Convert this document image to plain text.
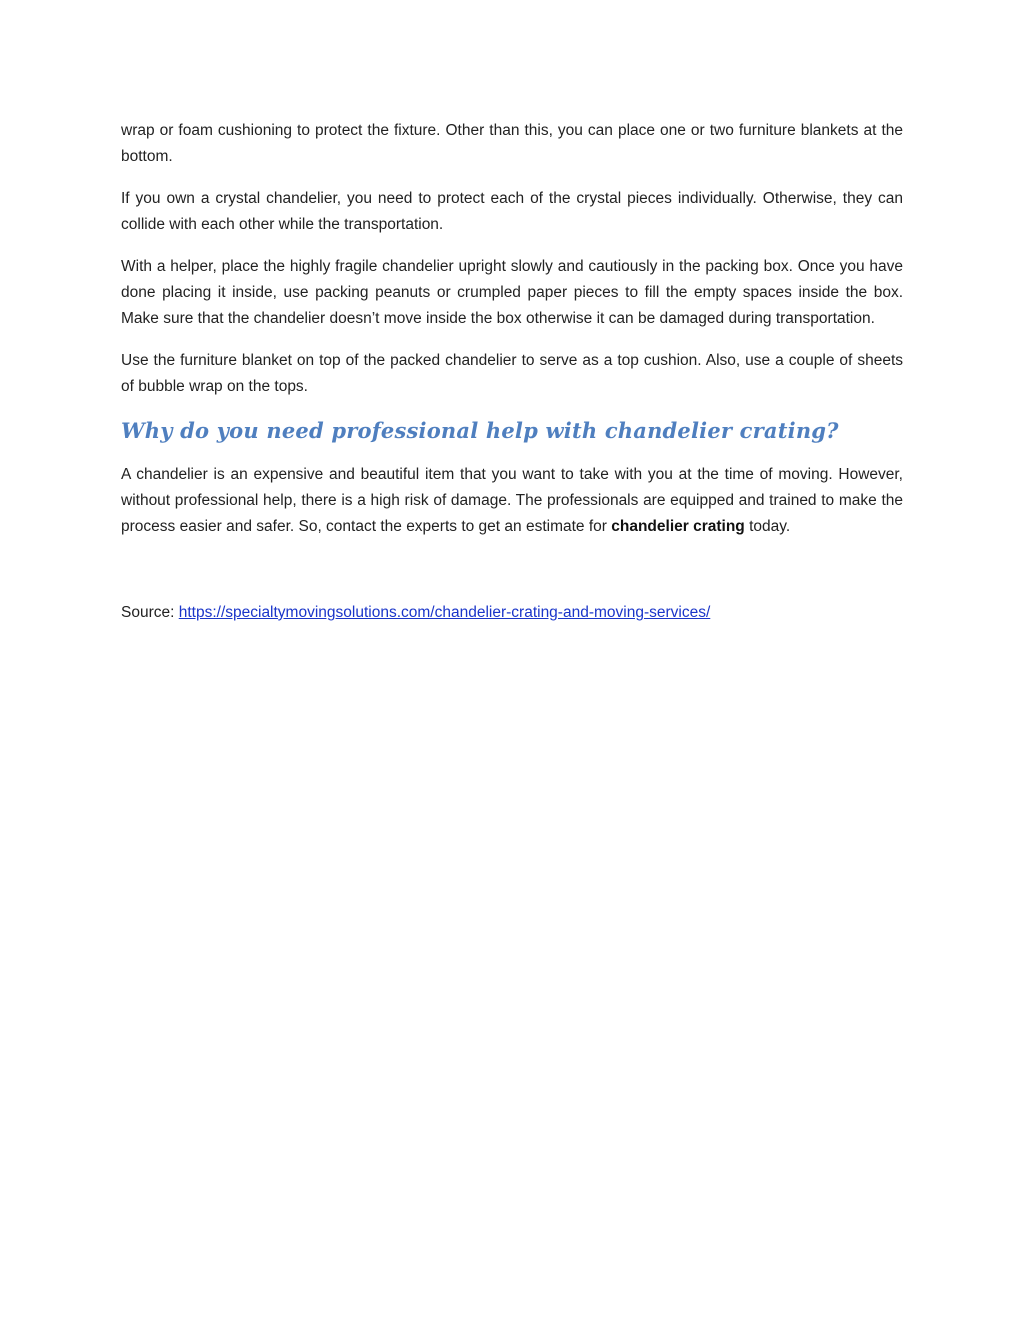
wrap or foam cushioning to protect the fixture. Other than this, you can place one or two furniture blankets at the bottom.

If you own a crystal chandelier, you need to protect each of the crystal pieces individually. Otherwise, they can collide with each other while the transportation.

With a helper, place the highly fragile chandelier upright slowly and cautiously in the packing box. Once you have done placing it inside, use packing peanuts or crumpled paper pieces to fill the empty spaces inside the box. Make sure that the chandelier doesn’t move inside the box otherwise it can be damaged during transportation.

Use the furniture blanket on top of the packed chandelier to serve as a top cushion. Also, use a couple of sheets of bubble wrap on the tops.

Why do you need professional help with chandelier crating?

A chandelier is an expensive and beautiful item that you want to take with you at the time of moving. However, without professional help, there is a high risk of damage. The professionals are equipped and trained to make the process easier and safer. So, contact the experts to get an estimate for chandelier crating today.

Source: https://specialtymovingsolutions.com/chandelier-crating-and-moving-services/
